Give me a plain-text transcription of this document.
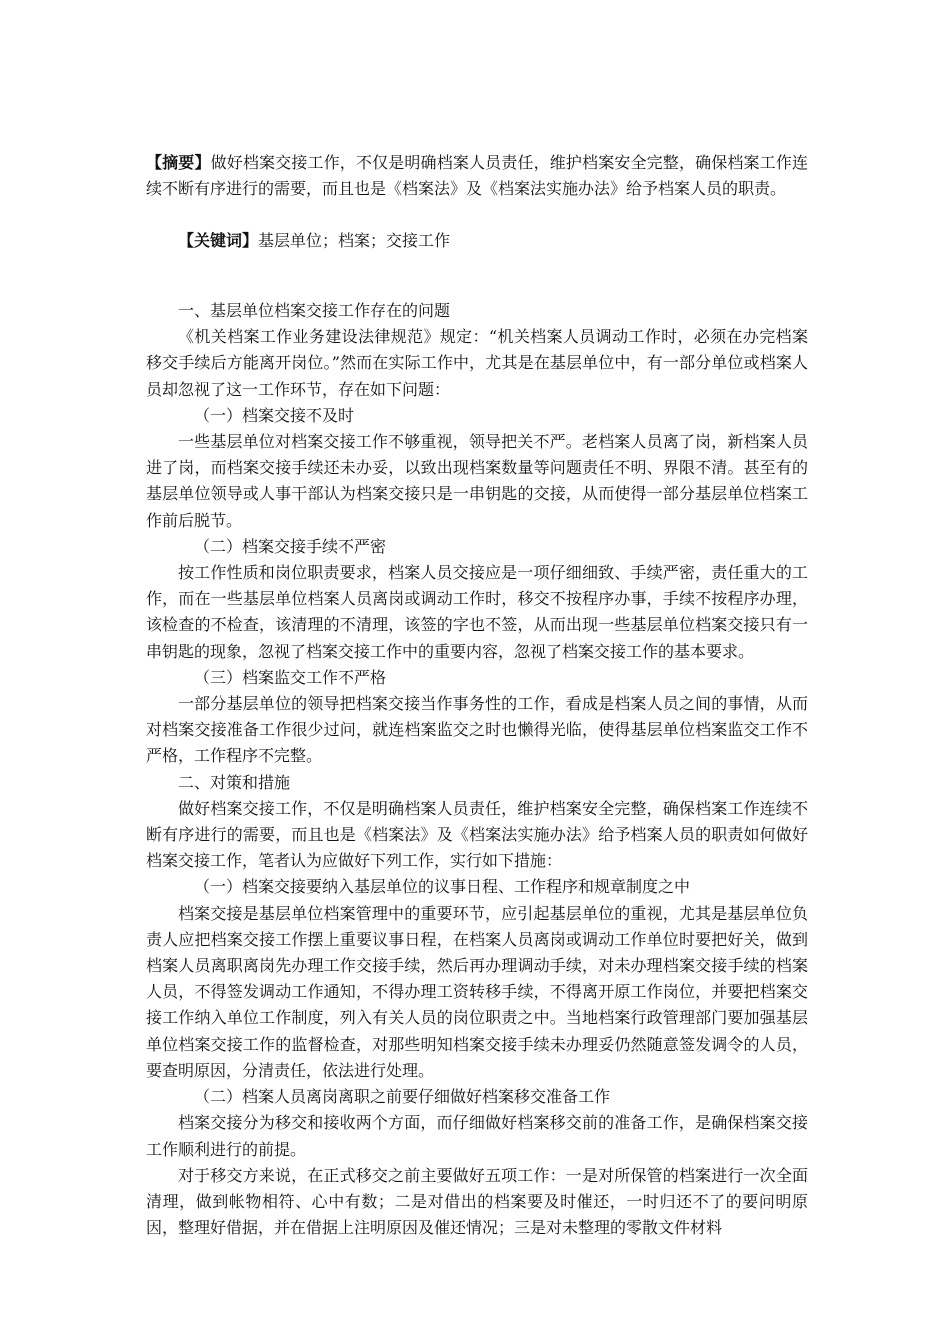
【摘要】做好档案交接工作，不仅是明确档案人员责任，维护档案安全完整，确保档案工作连续不断有序进行的需要，而且也是《档案法》及《档案法实施办法》给予档案人员的职责。

【关键词】基层单位；档案；交接工作

一、基层单位档案交接工作存在的问题

《机关档案工作业务建设法律规范》规定：“机关档案人员调动工作时，必须在办完档案移交手续后方能离开岗位。”然而在实际工作中，尤其是在基层单位中，有一部分单位或档案人员却忽视了这一工作环节，存在如下问题：

（一）档案交接不及时

一些基层单位对档案交接工作不够重视，领导把关不严。老档案人员离了岗，新档案人员进了岗，而档案交接手续还未办妥，以致出现档案数量等问题责任不明、界限不清。甚至有的基层单位领导或人事干部认为档案交接只是一串钥匙的交接，从而使得一部分基层单位档案工作前后脱节。

（二）档案交接手续不严密

按工作性质和岗位职责要求，档案人员交接应是一项仔细细致、手续严密，责任重大的工作，而在一些基层单位档案人员离岗或调动工作时，移交不按程序办事，手续不按程序办理，该检查的不检查，该清理的不清理，该签的字也不签，从而出现一些基层单位档案交接只有一串钥匙的现象，忽视了档案交接工作中的重要内容，忽视了档案交接工作的基本要求。

（三）档案监交工作不严格

一部分基层单位的领导把档案交接当作事务性的工作，看成是档案人员之间的事情，从而对档案交接准备工作很少过问，就连档案监交之时也懒得光临，使得基层单位档案监交工作不严格，工作程序不完整。

二、对策和措施

做好档案交接工作，不仅是明确档案人员责任，维护档案安全完整，确保档案工作连续不断有序进行的需要，而且也是《档案法》及《档案法实施办法》给予档案人员的职责如何做好档案交接工作，笔者认为应做好下列工作，实行如下措施：

（一）档案交接要纳入基层单位的议事日程、工作程序和规章制度之中

档案交接是基层单位档案管理中的重要环节，应引起基层单位的重视，尤其是基层单位负责人应把档案交接工作摆上重要议事日程，在档案人员离岗或调动工作单位时要把好关，做到档案人员离职离岗先办理工作交接手续，然后再办理调动手续，对未办理档案交接手续的档案人员，不得签发调动工作通知，不得办理工资转移手续，不得离开原工作岗位，并要把档案交接工作纳入单位工作制度，列入有关人员的岗位职责之中。当地档案行政管理部门要加强基层单位档案交接工作的监督检查，对那些明知档案交接手续未办理妥仍然随意签发调令的人员，要查明原因，分清责任，依法进行处理。

（二）档案人员离岗离职之前要仔细做好档案移交准备工作

档案交接分为移交和接收两个方面，而仔细做好档案移交前的准备工作，是确保档案交接工作顺利进行的前提。

对于移交方来说，在正式移交之前主要做好五项工作：一是对所保管的档案进行一次全面清理，做到帐物相符、心中有数；二是对借出的档案要及时催还，一时归还不了的要问明原因，整理好借据，并在借据上注明原因及催还情况；三是对未整理的零散文件材料
